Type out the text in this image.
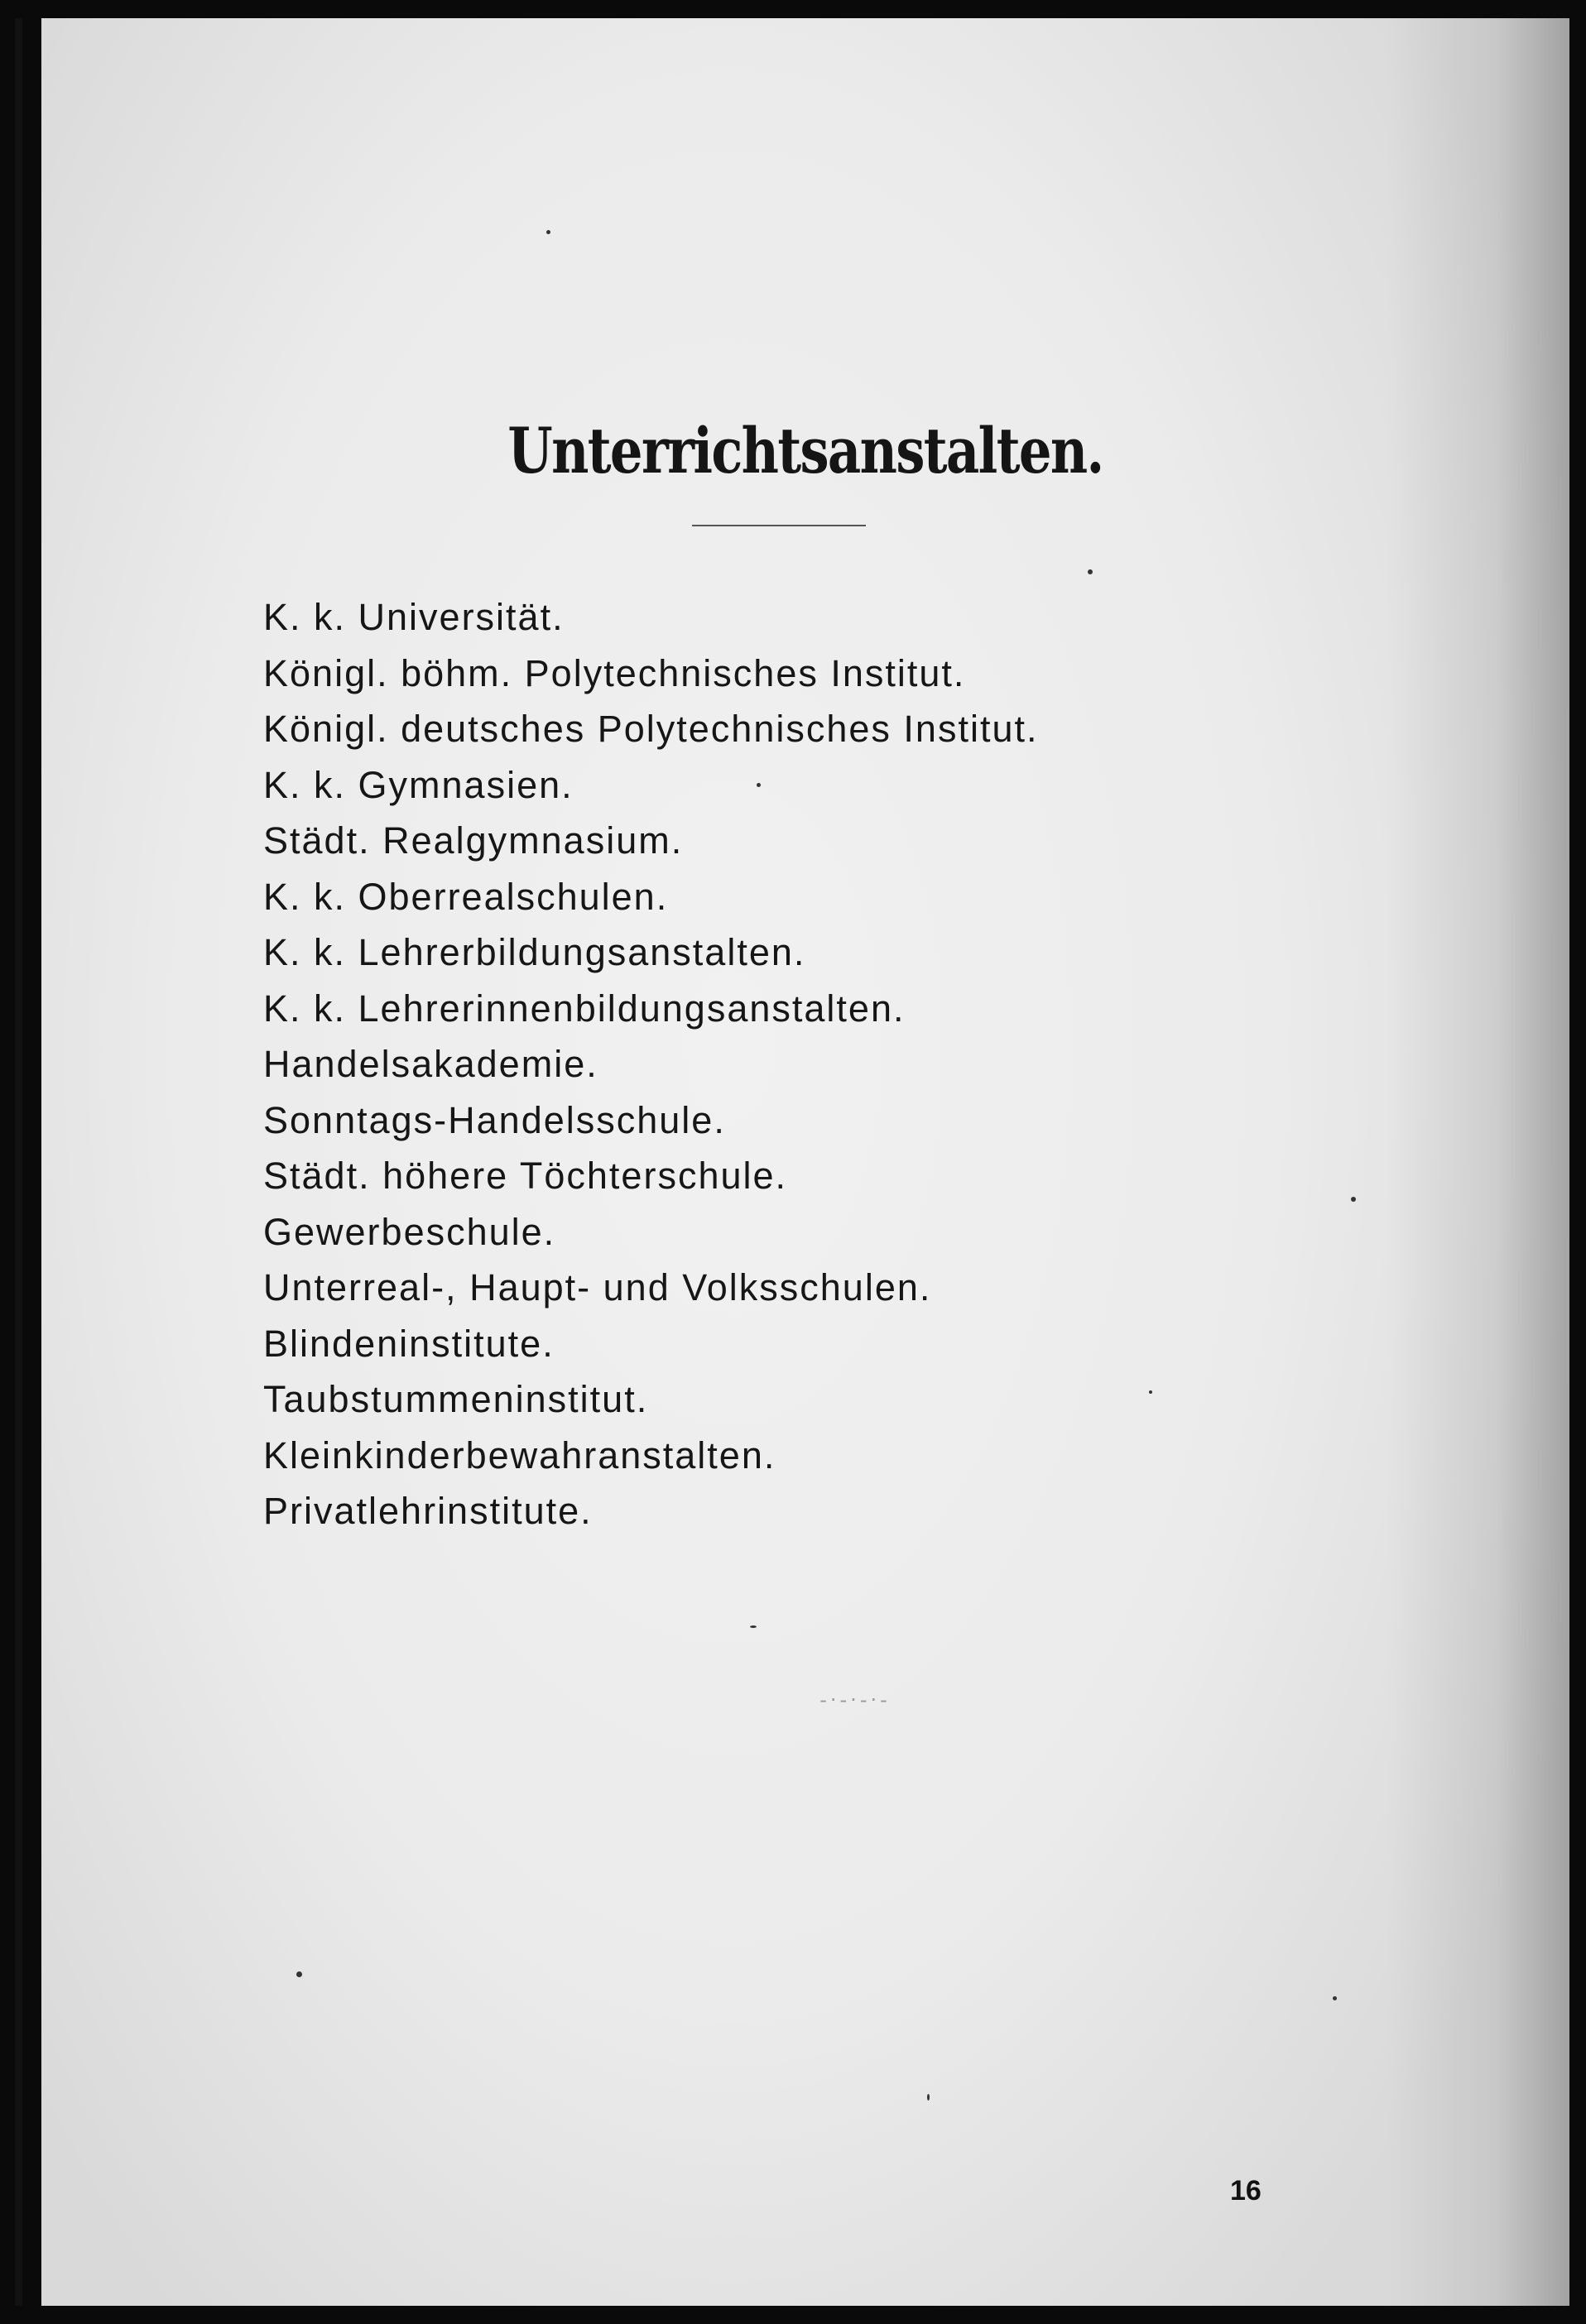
Unterrichtsanstalten.
K. k. Universität.
Königl. böhm. Polytechnisches Institut.
Königl. deutsches Polytechnisches Institut.
K. k. Gymnasien.
Städt. Realgymnasium.
K. k. Oberrealschulen.
K. k. Lehrerbildungsanstalten.
K. k. Lehrerinnenbildungsanstalten.
Handelsakademie.
Sonntags-Handelsschule.
Städt. höhere Töchterschule.
Gewerbeschule.
Unterreal-, Haupt- und Volksschulen.
Blindeninstitute.
Taubstummeninstitut.
Kleinkinderbewahranstalten.
Privatlehrinstitute.
-·-·-·-
16
